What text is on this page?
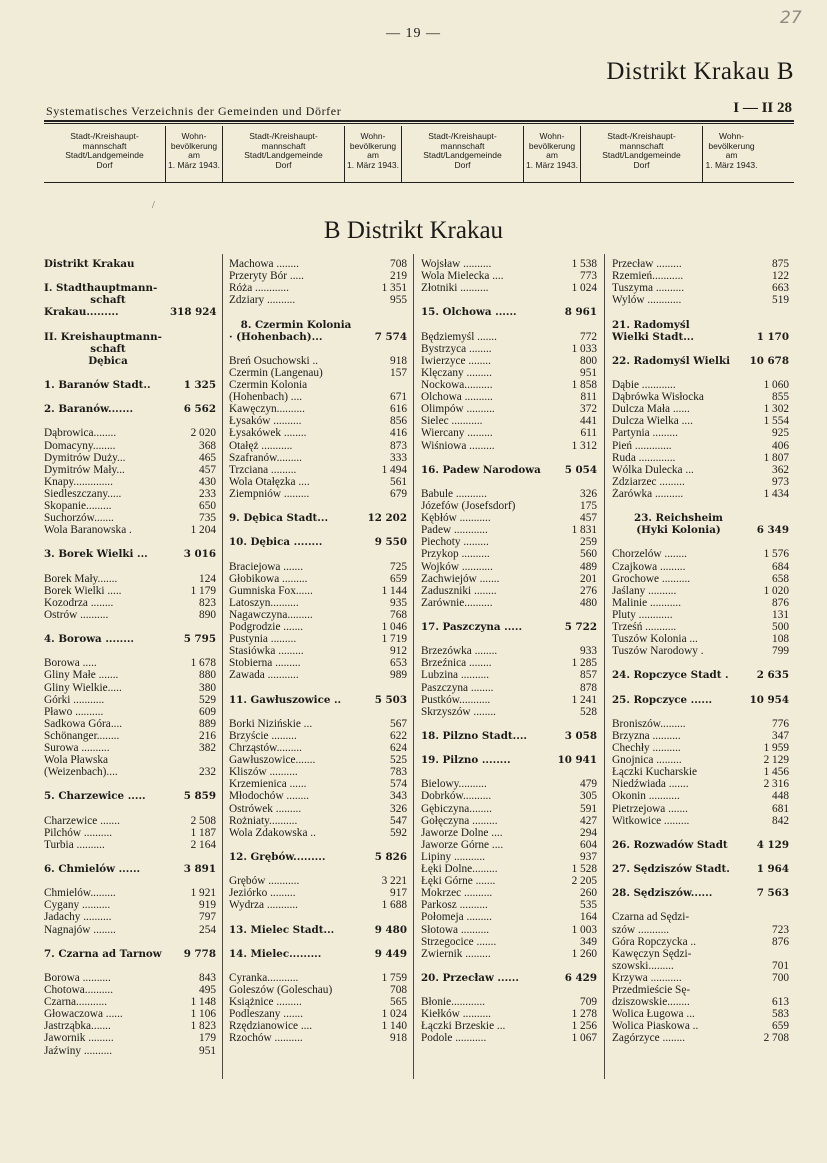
— 19 —
27
Distrikt Krakau B
Systematisches Verzeichnis der Gemeinden und Dörfer	I — II 28
Stadt-/Kreishaupt-
mannschaft
Stadt/Landgemeinde
Dorf
Wohn-
bevölkerung
am
1. März 1943.
Stadt-/Kreishaupt-
mannschaft
Stadt/Landgemeinde
Dorf
Wohn-
bevölkerung
am
1. März 1943.
Stadt-/Kreishaupt-
mannschaft
Stadt/Landgemeinde
Dorf
Wohn-
bevölkerung
am
1. März 1943.
Stadt-/Kreishaupt-
mannschaft
Stadt/Landgemeinde
Dorf
Wohn-
bevölkerung
am
1. März 1943.
/
B Distrikt Krakau
Distrikt Krakau
I. Stadthauptmann-
schaft
Krakau.........	318 924
II. Kreishauptmann-
schaft
Dębica
1. Baranów Stadt..	1 325
2. Baranów.......	6 562
Dąbrowica........	2 020
Domacyny........	368
Dymitrów Duży...	465
Dymitrów Mały...	457
Knapy..............	430
Siedleszczany.....	233
Skopanie.........	650
Suchorzów.......	735
Wola Baranowska .	1 204
3. Borek Wielki ...	3 016
Borek Mały.......	124
Borek Wielki .....	1 179
Kozodrza ........	823
Ostrów ..........	890
4. Borowa ........	5 795
Borowa .....	1 678
Gliny Małe .......	880
Gliny Wielkie.....	380
Górki ...........	529
Pławo ..........	609
Sadkowa Góra....	889
Schönanger........	216
Surowa ..........	382
Wola Pławska
(Weizenbach)....	232
5. Charzewice .....	5 859
Charzewice .......	2 508
Pilchów ..........	1 187
Turbia ..........	2 164
6. Chmielów ......	3 891
Chmielów.........	1 921
Cygany ..........	919
Jadachy ..........	797
Nagnajów ........	254
7. Czarna ad Tarnow	9 778
Borowa ..........	843
Chotowa..........	495
Czarna...........	1 148
Głowaczowa ......	1 106
Jastrząbka.......	1 823
Jawornik .........	179
Jaźwiny ..........	951
Machowa ........	708
Przeryty Bór .....	219
Róża ............	1 351
Zdziary ..........	955
8. Czermin Kolonia
· (Hohenbach)...	7 574
Breń Osuchowski ..	918
Czermin (Langenau)	157
Czermin Kolonia
(Hohenbach) ....	671
Kawęczyn..........	616
Łysaków ..........	856
Łysakówek ........	416
Otałęż ...........	873
Szafranów.........	333
Trzciana .........	1 494
Wola Otałęzka ....	561
Ziempniów .........	679
9. Dębica Stadt...	12 202
10. Dębica ........	9 550
Braciejowa .......	725
Głobikowa .........	659
Gumniska Fox......	1 144
Latoszyn..........	935
Nagawczyna.........	768
Podgrodzie .......	1 046
Pustynia .........	1 719
Stasiówka .........	912
Stobierna .........	653
Zawada ...........	989
11. Gawłuszowice ..	5 503
Borki Nizińskie ...	567
Brzyście .........	622
Chrząstów.........	624
Gawłuszowice.......	525
Kliszów ..........	783
Krzemienica ......	574
Młodochów ........	343
Ostrówek .........	326
Rożniaty..........	547
Wola Zdakowska ..	592
12. Grębów.........	5 826
Grębów ...........	3 221
Jeziórko .........	917
Wydrza ...........	1 688
13. Mielec Stadt...	9 480
14. Mielec.........	9 449
Cyranka...........	1 759
Goleszów (Goleschau)	708
Książnice .........	565
Podleszany .......	1 024
Rzędzianowice ....	1 140
Rzochów ..........	918
Wojsław ..........	1 538
Wola Mielecka ....	773
Złotniki ..........	1 024
15. Olchowa ......	8 961
Będziemyśl .......	772
Bystrzyca ........	1 033
Iwierzyce ........	800
Klęczany .........	951
Nockowa..........	1 858
Olchowa ..........	811
Olimpów ..........	372
Sielec ...........	441
Wiercany .........	611
Wiśniowa .........	1 312
16. Padew Narodowa	5 054
Babule ...........	326
Józefów (Josefsdorf)	175
Kębłów ...........	457
Padew ............	1 831
Piechoty .........	259
Przykop ..........	560
Wojków ...........	489
Zachwiejów .......	201
Zaduszniki ........	276
Zarównie..........	480
17. Paszczyna .....	5 722
Brzezówka ........	933
Brzeźnica ........	1 285
Lubzina ..........	857
Paszczyna ........	878
Pustków...........	1 241
Skrzyszów ........	528
18. Pilzno Stadt....	3 058
19. Pilzno ........	10 941
Bielowy..........	479
Dobrków..........	305
Gębiczyna........	591
Gołęczyna .........	427
Jaworze Dolne ....	294
Jaworze Górne ....	604
Lipiny ...........	937
Łęki Dolne.........	1 528
Łęki Górne .......	2 205
Mokrzec ..........	260
Parkosz ..........	535
Połomeja .........	164
Słotowa ..........	1 003
Strzegocice .......	349
Zwiernik .........	1 260
20. Przecław ......	6 429
Błonie............	709
Kiełków ..........	1 278
Łączki Brzeskie ...	1 256
Podole ...........	1 067
Przecław .........	875
Rzemień...........	122
Tuszyma ..........	663
Wylów ............	519
21. Radomyśl
Wielki Stadt...	1 170
22. Radomyśl Wielki	10 678
Dąbie ............	1 060
Dąbrówka Wisłocka	855
Dulcza Mała ......	1 302
Dulcza Wielka ....	1 554
Partynia .........	925
Pień .............	406
Ruda .............	1 807
Wólka Dulecka ...	362
Zdziarzec .........	973
Żarówka ..........	1 434
23. Reichsheim
(Hyki Kolonia)	6 349
Chorzelów ........	1 576
Czajkowa .........	684
Grochowe ..........	658
Jaślany ..........	1 020
Malinie ...........	876
Pluty ............	131
Trześń ...........	500
Tuszów Kolonia ...	108
Tuszów Narodowy .	799
24. Ropczyce Stadt .	2 635
25. Ropczyce ......	10 954
Broniszów.........	776
Brzyzna ..........	347
Chechły ..........	1 959
Gnojnica .........	2 129
Łączki Kucharskie	1 456
Niedźwiada .......	2 316
Okonin ...........	448
Pietrzejowa .......	681
Witkowice .........	842
26. Rozwadów Stadt	4 129
27. Sędziszów Stadt.	1 964
28. Sędziszów......	7 563
Czarna ad Sędzi-
szów ...........	723
Góra Ropczycka ..	876
Kawęczyn Sędzi-
szowski.........	701
Krzywa ...........	700
Przedmieście Sę-
dziszowskie........	613
Wolica Ługowa ...	583
Wolica Piaskowa ..	659
Zagórzyce ........	2 708
